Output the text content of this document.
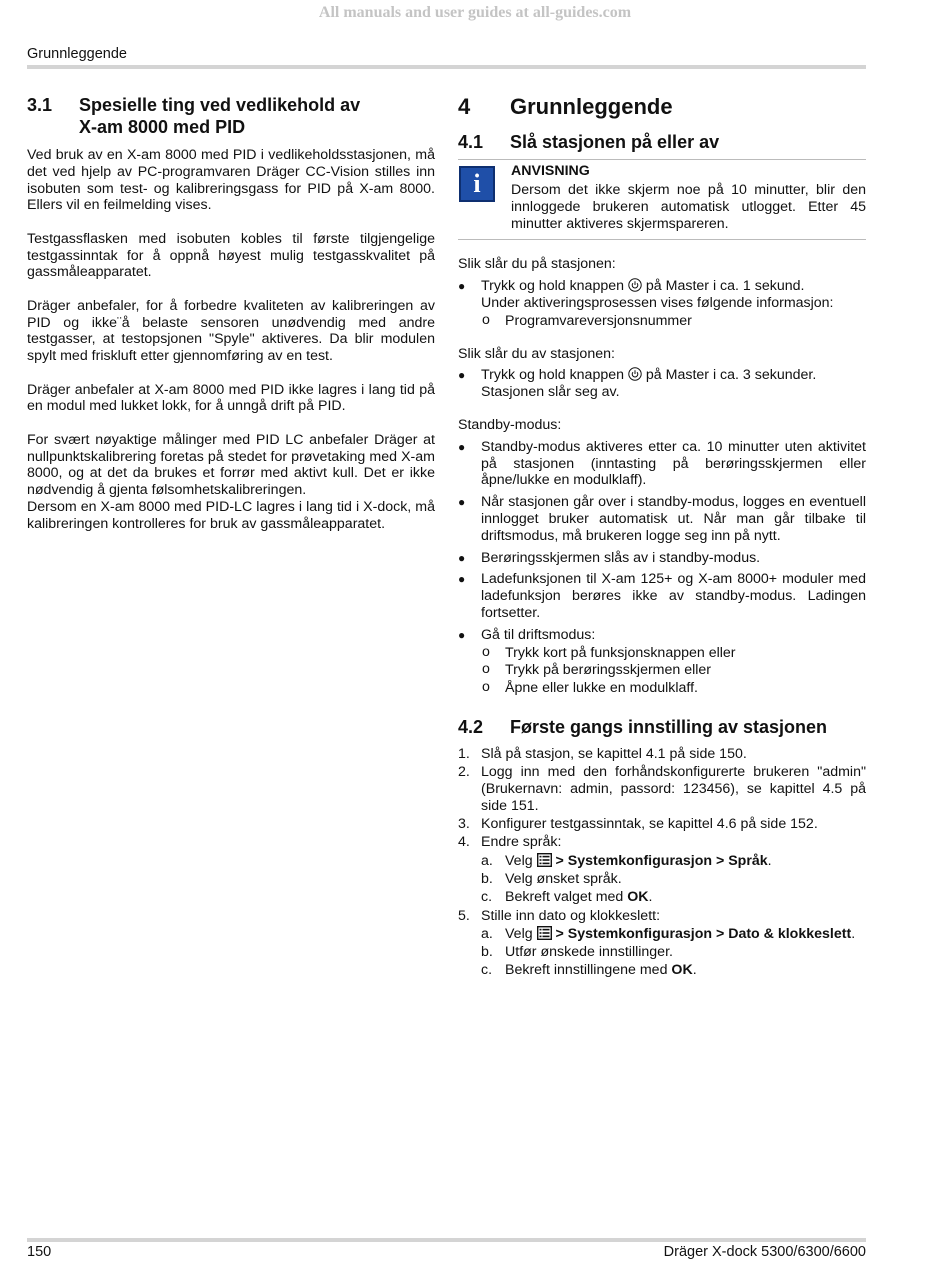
All manuals and user guides at all-guides.com
Grunnleggende
3.1	Spesielle ting ved vedlikehold av
X-am 8000 med PID

Ved bruk av en X-am 8000 med PID i vedlikeholdsstasjonen, må det ved hjelp av PC-programvaren Dräger CC-Vision stilles inn isobuten som test- og kalibreringsgass for PID på X-am 8000. Ellers vil en feilmelding vises.

Testgassflasken med isobuten kobles til første tilgjengelige testgassinntak for å oppnå høyest mulig testgasskvalitet på gassmåleapparatet.

Dräger anbefaler, for å forbedre kvaliteten av kalibreringen av PID og ikke¨å belaste sensoren unødvendig med andre testgasser, at testopsjonen "Spyle" aktiveres. Da blir modulen spylt med friskluft etter gjennomføring av en test.

Dräger anbefaler at X-am 8000 med PID ikke lagres i lang tid på en modul med lukket lokk, for å unngå drift på PID.

For svært nøyaktige målinger med PID LC anbefaler Dräger at nullpunktskalibrering foretas på stedet for prøvetaking med X-am 8000, og at det da brukes et forrør med aktivt kull. Det er ikke nødvendig å gjenta følsomhetskalibreringen.

Dersom en X-am 8000 med PID-LC lagres i lang tid i X-dock, må kalibreringen kontrolleres for bruk av gassmåleapparatet.

4	Grunnleggende
4.1	Slå stasjonen på eller av
i	ANVISNING

Dersom det ikke skjerm noe på 10 minutter, blir den innloggede brukeren automatisk utlogget. Etter 45 minutter aktiveres skjermspareren.

Slik slår du på stasjonen:

● Trykk og hold knappen på Master i ca. 1 sekund.
Under aktiveringsprosessen vises følgende informasjon:
o Programvareversjonsnummer

Slik slår du av stasjonen:

● Trykk og hold knappen på Master i ca. 3 sekunder.
Stasjonen slår seg av.

Standby-modus:

● Standby-modus aktiveres etter ca. 10 minutter uten aktivitet på stasjonen (inntasting på berøringsskjermen eller åpne/lukke en modulklaff).
● Når stasjonen går over i standby-modus, logges en eventuell innlogget bruker automatisk ut. Når man går tilbake til driftsmodus, må brukeren logge seg inn på nytt.
● Berøringsskjermen slås av i standby-modus.
● Ladefunksjonen til X-am 125+ og X-am 8000+ moduler med ladefunksjon berøres ikke av standby-modus. Ladingen fortsetter.
● Gå til driftsmodus:
o Trykk kort på funksjonsknappen eller
o Trykk på berøringsskjermen eller
o Åpne eller lukke en modulklaff.
4.2	Første gangs innstilling av stasjonen
1. Slå på stasjon, se kapittel 4.1 på side 150.
2. Logg inn med den forhåndskonfigurerte brukeren "admin" (Brukernavn: admin, passord: 123456), se kapittel 4.5 på side 151.
3. Konfigurer testgassinntak, se kapittel 4.6 på side 152.
4. Endre språk:
a. Velg > Systemkonfigurasjon > Språk.
b. Velg ønsket språk.
c. Bekreft valget med OK.
5. Stille inn dato og klokkeslett:
a. Velg > Systemkonfigurasjon > Dato & klokkeslett.
b. Utfør ønskede innstillinger.
c. Bekreft innstillingene med OK.
150	Dräger X-dock 5300/6300/6600
